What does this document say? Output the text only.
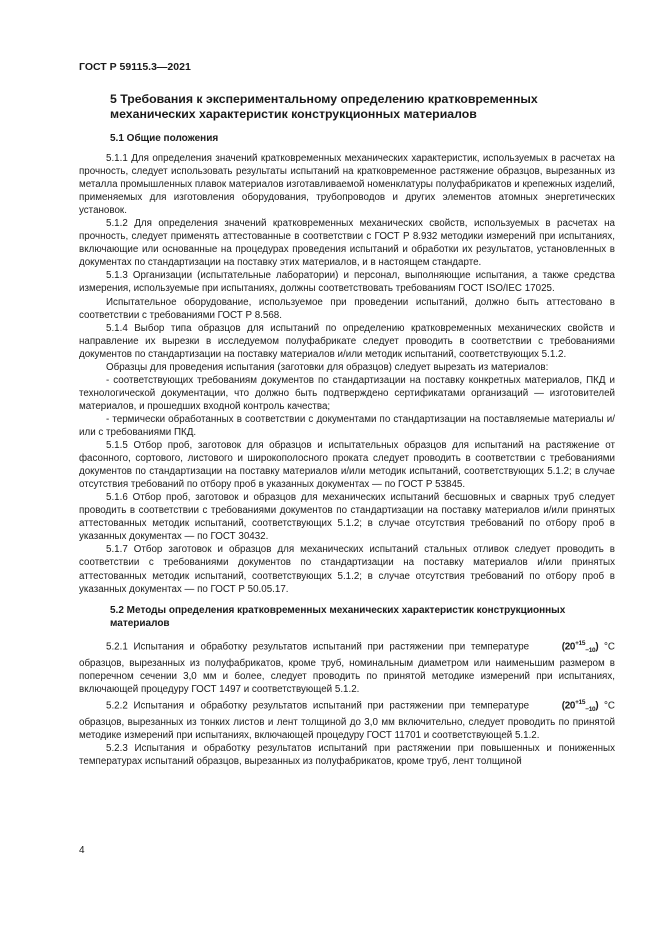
ГОСТ Р 59115.3—2021
5 Требования к экспериментальному определению кратковременных механических характеристик конструкционных материалов
5.1 Общие положения

5.1.1 Для определения значений кратковременных механических характеристик, используемых в расчетах на прочность, следует использовать результаты испытаний на кратковременное растяжение образцов, вырезанных из металла промышленных плавок материалов изготавливаемой номенклатуры полуфабрикатов и крепежных изделий, применяемых для изготовления оборудования, трубопроводов и других элементов атомных энергетических установок.

5.1.2 Для определения значений кратковременных механических свойств, используемых в расчетах на прочность, следует применять аттестованные в соответствии с ГОСТ Р 8.932 методики измерений при испытаниях, включающие или основанные на процедурах проведения испытаний и обработки их результатов, установленных в документах по стандартизации на поставку этих материалов, и в настоящем стандарте.

5.1.3 Организации (испытательные лаборатории) и персонал, выполняющие испытания, а также средства измерения, используемые при испытаниях, должны соответствовать требованиям ГОСТ ISO/IEC 17025.

Испытательное оборудование, используемое при проведении испытаний, должно быть аттестовано в соответствии с требованиями ГОСТ Р 8.568.

5.1.4 Выбор типа образцов для испытаний по определению кратковременных механических свойств и направление их вырезки в исследуемом полуфабрикате следует проводить в соответствии с требованиями документов по стандартизации на поставку материалов и/или методик испытаний, соответствующих 5.1.2.

Образцы для проведения испытания (заготовки для образцов) следует вырезать из материалов:

- соответствующих требованиям документов по стандартизации на поставку конкретных материалов, ПКД и технологической документации, что должно быть подтверждено сертификатами организаций — изготовителей материалов, и прошедших входной контроль качества;

- термически обработанных в соответствии с документами по стандартизации на поставляемые материалы и/или с требованиями ПКД.

5.1.5 Отбор проб, заготовок для образцов и испытательных образцов для испытаний на растяжение от фасонного, сортового, листового и широкополосного проката следует проводить в соответствии с требованиями документов по стандартизации на поставку материалов и/или методик испытаний, соответствующих 5.1.2; в случае отсутствия требований по отбору проб в указанных документах — по ГОСТ Р 53845.

5.1.6 Отбор проб, заготовок и образцов для механических испытаний бесшовных и сварных труб следует проводить в соответствии с требованиями документов по стандартизации на поставку материалов и/или принятых аттестованных методик испытаний, соответствующих 5.1.2; в случае отсутствия требований по отбору проб в указанных документах — по ГОСТ 30432.

5.1.7 Отбор заготовок и образцов для механических испытаний стальных отливок следует проводить в соответствии с требованиями документов по стандартизации на поставку материалов и/или принятых аттестованных методик испытаний, соответствующих 5.1.2; в случае отсутствия требований по отбору проб в указанных документах — по ГОСТ Р 50.05.17.

5.2 Методы определения кратковременных механических характеристик конструкционных материалов

5.2.1 Испытания и обработку результатов испытаний при растяжении при температуре	$(20^{+15}_{-10})$ °С образцов, вырезанных из полуфабрикатов, кроме труб, номинальным диаметром или наименьшим размером в поперечном сечении 3,0 мм и более, следует проводить по принятой методике измерений при испытаниях, включающей процедуру ГОСТ 1497 и соответствующей 5.1.2.

5.2.2 Испытания и обработку результатов испытаний при растяжении при температуре	$(20^{+15}_{-10})$ °С образцов, вырезанных из тонких листов и лент толщиной до 3,0 мм включительно, следует проводить по принятой методике измерений при испытаниях, включающей процедуру ГОСТ 11701 и соответствующей 5.1.2.

5.2.3 Испытания и обработку результатов испытаний при растяжении при повышенных и пониженных температурах испытаний образцов, вырезанных из полуфабрикатов, кроме труб, лент толщиной

4
